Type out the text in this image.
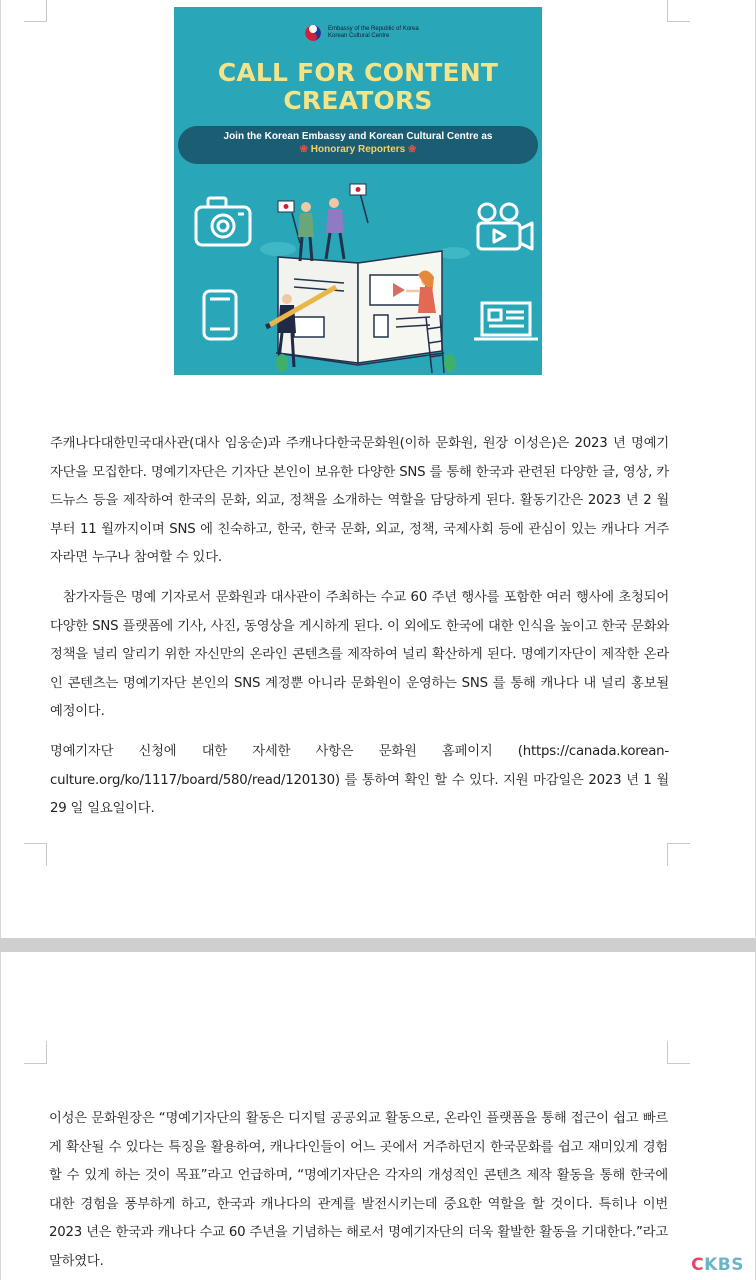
Embassy of the Republic of Korea
Korean Cultural Centre
CALL FOR CONTENT
CREATORS
Join the Korean Embassy and Korean Cultural Centre as
❀ Honorary Reporters ❀

주캐나다대한민국대사관(대사 임웅순)과 주캐나다한국문화원(이하 문화원, 원장 이성은)은 2023 년 명예기자단을 모집한다. 명예기자단은 기자단 본인이 보유한 다양한 SNS 를 통해 한국과 관련된 다양한 글, 영상, 카드뉴스 등을 제작하여 한국의 문화, 외교, 정책을 소개하는 역할을 담당하게 된다. 활동기간은 2023 년 2 월부터 11 월까지이며 SNS 에 친숙하고, 한국, 한국 문화, 외교, 정책, 국제사회 등에 관심이 있는 캐나다 거주자라면 누구나 참여할 수 있다.

참가자들은 명예 기자로서 문화원과 대사관이 주최하는 수교 60 주년 행사를 포함한 여러 행사에 초청되어 다양한 SNS 플랫폼에 기사, 사진, 동영상을 게시하게 된다. 이 외에도 한국에 대한 인식을 높이고 한국 문화와 정책을 널리 알리기 위한 자신만의 온라인 콘텐츠를 제작하여 널리 확산하게 된다. 명예기자단이 제작한 온라인 콘텐츠는 명예기자단 본인의 SNS 계정뿐 아니라 문화원이 운영하는 SNS 를 통해 캐나다 내 널리 홍보될 예정이다.

명예기자단 신청에 대한 자세한 사항은 문화원 홈페이지 (https://canada.korean-culture.org/ko/1117/board/580/read/120130) 를 통하여 확인 할 수 있다. 지원 마감일은 2023 년 1 월 29 일 일요일이다.

이성은 문화원장은 “명예기자단의 활동은 디지털 공공외교 활동으로, 온라인 플랫폼을 통해 접근이 쉽고 빠르게 확산될 수 있다는 특징을 활용하여, 캐나다인들이 어느 곳에서 거주하던지 한국문화를 쉽고 재미있게 경험할 수 있게 하는 것이 목표”라고 언급하며, “명예기자단은 각자의 개성적인 콘텐츠 제작 활동을 통해 한국에 대한 경험을 풍부하게 하고, 한국과 캐나다의 관계를 발전시키는데 중요한 역할을 할 것이다. 특히나 이번 2023 년은 한국과 캐나다 수교 60 주년을 기념하는 해로서 명예기자단의 더욱 활발한 활동을 기대한다.”라고 말하였다.	CKBS
